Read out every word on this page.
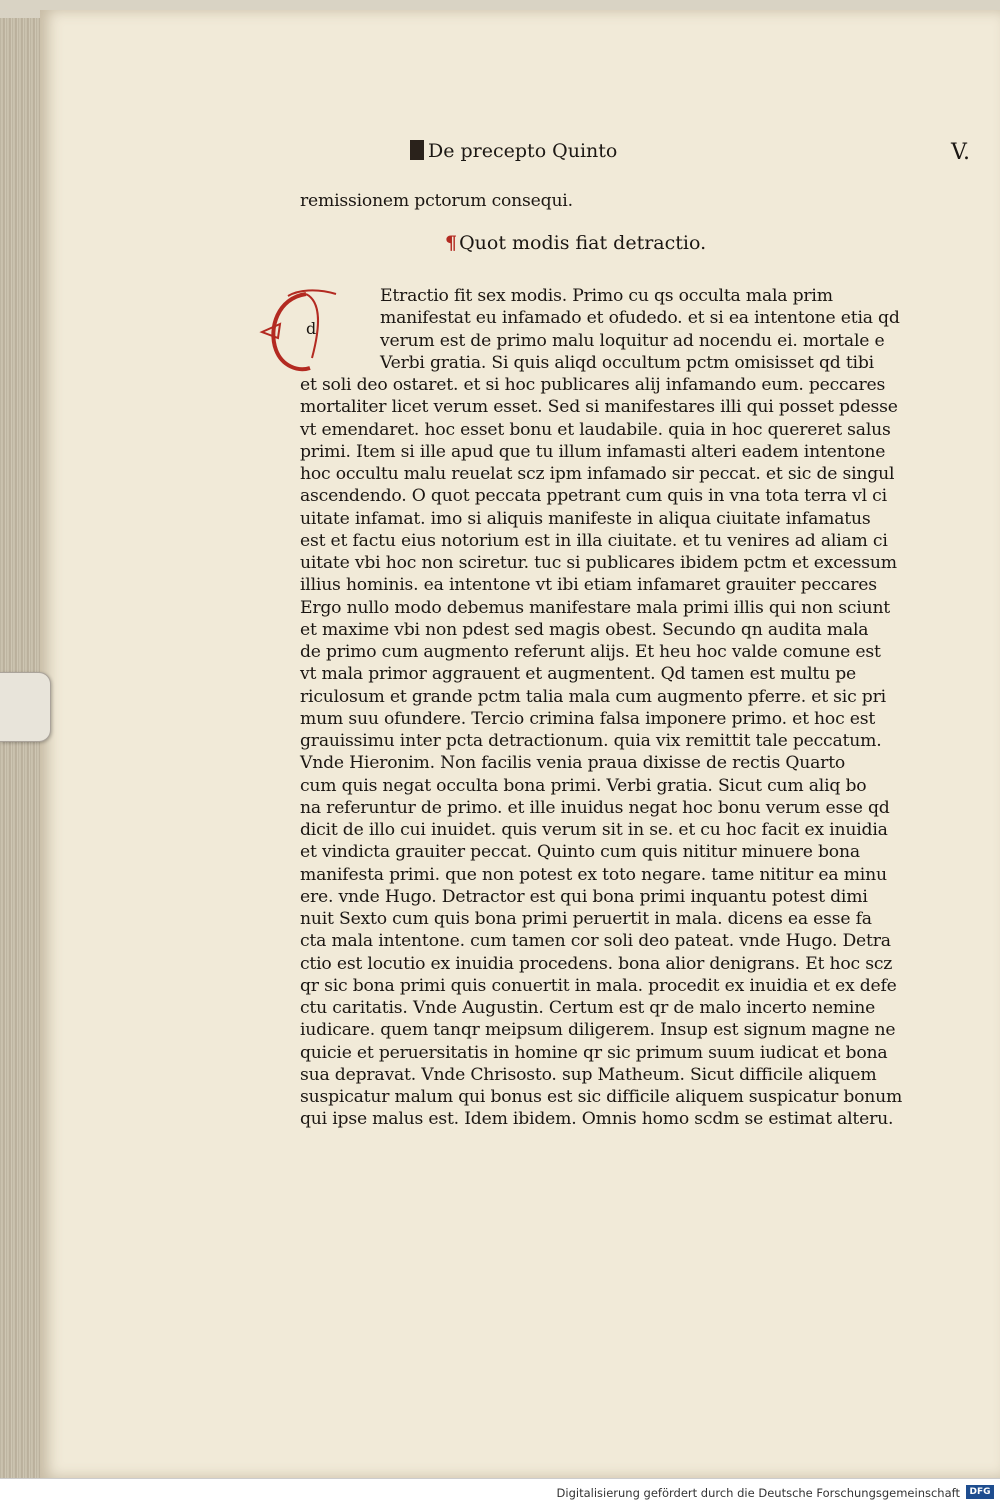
De precepto Quinto	V.
remissionem pctorum consequi.
¶ Quot modis fiat detractio.
d
Etractio fit sex modis. Primo cu qs occulta mala prim
manifestat eu infamado et ofudedo. et si ea intentone etia qd
verum est de primo malu loquitur ad nocendu ei. mortale e
Verbi gratia. Si quis aliqd occultum pctm omisisset qd tibi
et soli deo ostaret. et si hoc publicares alij infamando eum. peccares
mortaliter licet verum esset. Sed si manifestares illi qui posset pdesse
vt emendaret. hoc esset bonu et laudabile. quia in hoc quereret salus
primi. Item si ille apud que tu illum infamasti alteri eadem intentone
hoc occultu malu reuelat scz ipm infamado sir peccat. et sic de singul
ascendendo. O quot peccata ppetrant cum quis in vna tota terra vl ci
uitate infamat. imo si aliquis manifeste in aliqua ciuitate infamatus
est et factu eius notorium est in illa ciuitate. et tu venires ad aliam ci
uitate vbi hoc non sciretur. tuc si publicares ibidem pctm et excessum
illius hominis. ea intentone vt ibi etiam infamaret grauiter peccares
Ergo nullo modo debemus manifestare mala primi illis qui non sciunt
et maxime vbi non pdest sed magis obest. Secundo qn audita mala
de primo cum augmento referunt alijs. Et heu hoc valde comune est
vt mala primor aggrauent et augmentent. Qd tamen est multu pe
riculosum et grande pctm talia mala cum augmento pferre. et sic pri
mum suu ofundere. Tercio crimina falsa imponere primo. et hoc est
grauissimu inter pcta detractionum. quia vix remittit tale peccatum.
Vnde Hieronim. Non facilis venia praua dixisse de rectis Quarto
cum quis negat occulta bona primi. Verbi gratia. Sicut cum aliq bo
na referuntur de primo. et ille inuidus negat hoc bonu verum esse qd
dicit de illo cui inuidet. quis verum sit in se. et cu hoc facit ex inuidia
et vindicta grauiter peccat. Quinto cum quis nititur minuere bona
manifesta primi. que non potest ex toto negare. tame nititur ea minu
ere. vnde Hugo. Detractor est qui bona primi inquantu potest dimi
nuit Sexto cum quis bona primi peruertit in mala. dicens ea esse fa
cta mala intentone. cum tamen cor soli deo pateat. vnde Hugo. Detra
ctio est locutio ex inuidia procedens. bona alior denigrans. Et hoc scz
qr sic bona primi quis conuertit in mala. procedit ex inuidia et ex defe
ctu caritatis. Vnde Augustin. Certum est qr de malo incerto nemine
iudicare. quem tanqr meipsum diligerem. Insup est signum magne ne
quicie et peruersitatis in homine qr sic primum suum iudicat et bona
sua depravat. Vnde Chrisosto. sup Matheum. Sicut difficile aliquem
suspicatur malum qui bonus est sic difficile aliquem suspicatur bonum
qui ipse malus est. Idem ibidem. Omnis homo scdm se estimat alteru.
Digitalisierung gefördert durch die Deutsche Forschungsgemeinschaft	DFG
